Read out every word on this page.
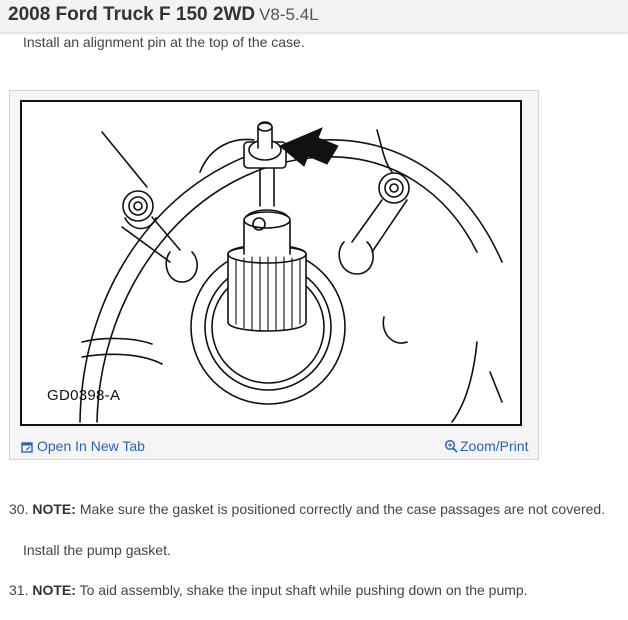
2008 Ford Truck F 150 2WD V8-5.4L
Install an alignment pin at the top of the case.
GD0398-A
Open In New Tab	Zoom/Print
30. NOTE: Make sure the gasket is positioned correctly and the case passages are not covered.
Install the pump gasket.
31. NOTE: To aid assembly, shake the input shaft while pushing down on the pump.
